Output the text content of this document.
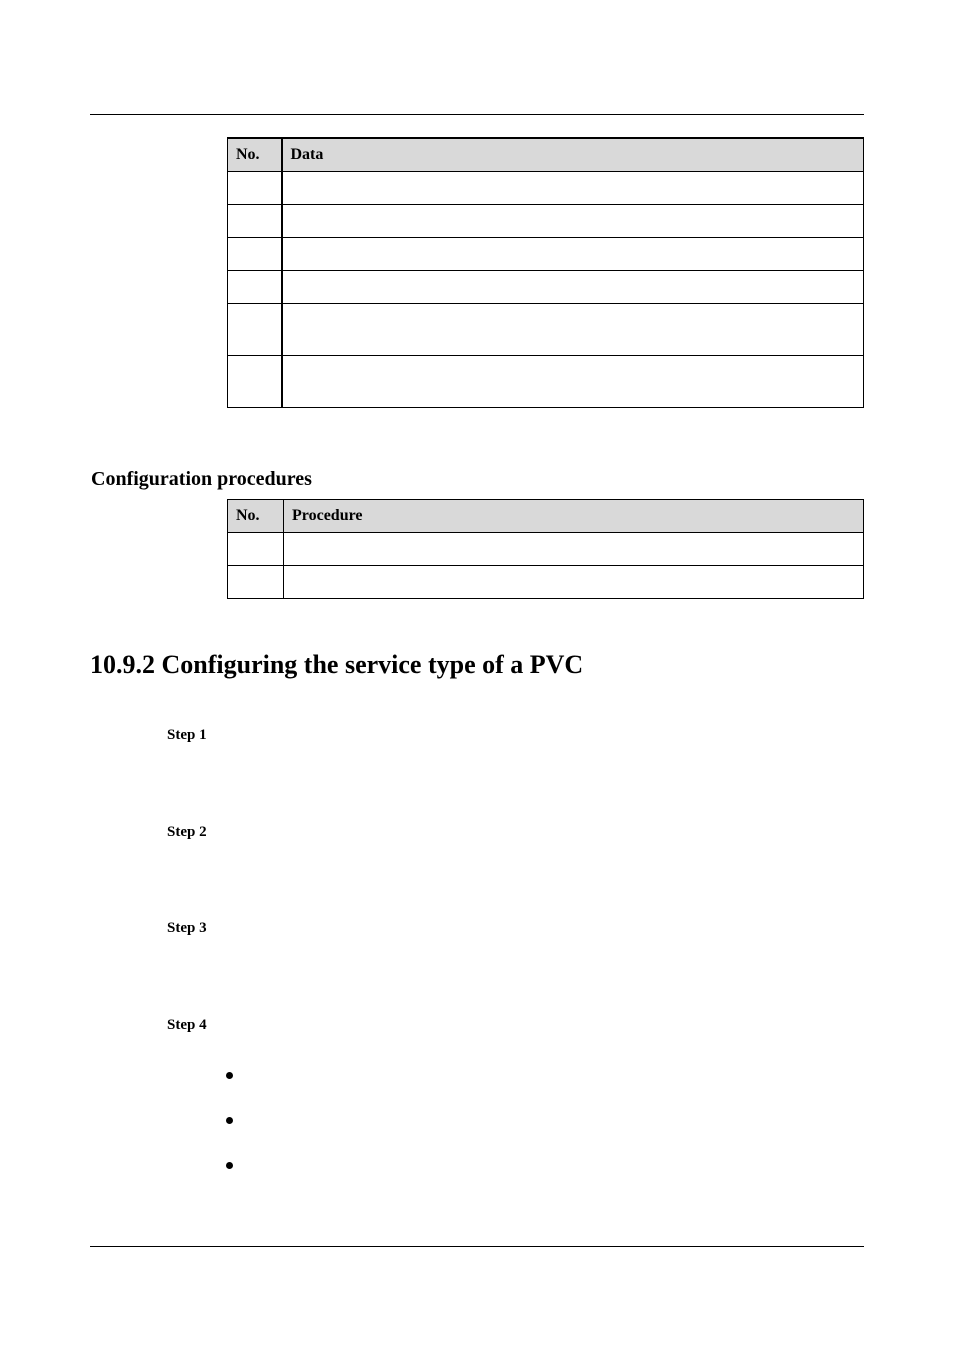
No.	Data

Configuration procedures
No.	Procedure

10.9.2 Configuring the service type of a PVC
Step 1
Step 2
Step 3
Step 4
